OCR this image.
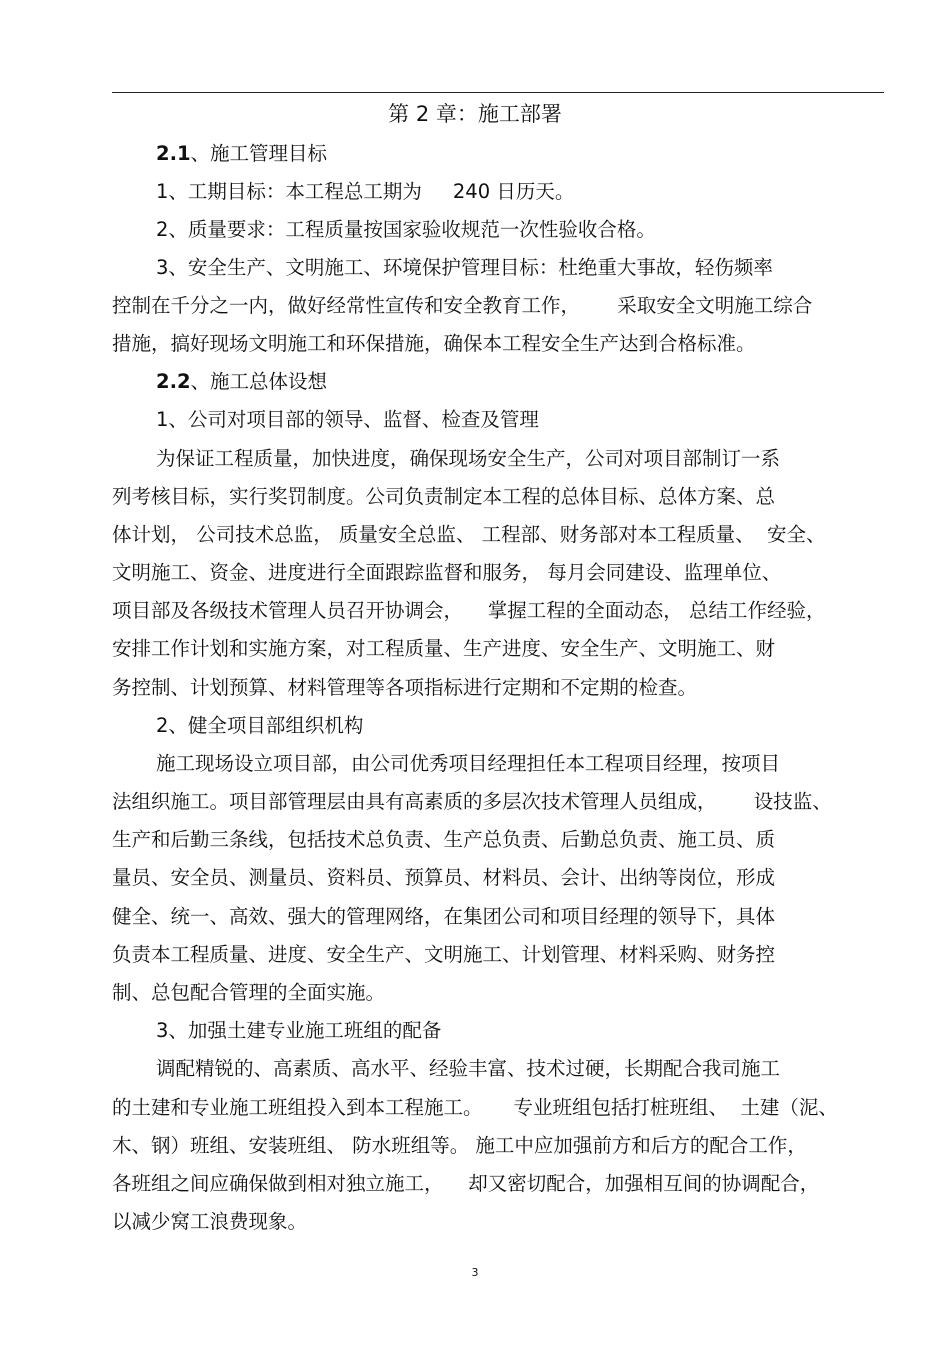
第 2 章：施工部署
2.1、施工管理目标
1、工期目标：本工程总工期为     240 日历天。
2、质量要求：工程质量按国家验收规范一次性验收合格。
3、安全生产、文明施工、环境保护管理目标：杜绝重大事故，轻伤频率
控制在千分之一内，做好经常性宣传和安全教育工作，      采取安全文明施工综合
措施，搞好现场文明施工和环保措施，确保本工程安全生产达到合格标准。
2.2、施工总体设想
1、公司对项目部的领导、监督、检查及管理
为保证工程质量，加快进度，确保现场安全生产，公司对项目部制订一系
列考核目标，实行奖罚制度。公司负责制定本工程的总体目标、总体方案、总
体计划， 公司技术总监， 质量安全总监、 工程部、财务部对本工程质量、  安全、
文明施工、资金、进度进行全面跟踪监督和服务， 每月会同建设、监理单位、
项目部及各级技术管理人员召开协调会，    掌握工程的全面动态， 总结工作经验，
安排工作计划和实施方案，对工程质量、生产进度、安全生产、文明施工、财
务控制、计划预算、材料管理等各项指标进行定期和不定期的检查。
2、健全项目部组织机构
施工现场设立项目部，由公司优秀项目经理担任本工程项目经理，按项目
法组织施工。项目部管理层由具有高素质的多层次技术管理人员组成，      设技监、
生产和后勤三条线，包括技术总负责、生产总负责、后勤总负责、施工员、质
量员、安全员、测量员、资料员、预算员、材料员、会计、出纳等岗位，形成
健全、统一、高效、强大的管理网络，在集团公司和项目经理的领导下，具体
负责本工程质量、进度、安全生产、文明施工、计划管理、材料采购、财务控
制、总包配合管理的全面实施。
3、加强土建专业施工班组的配备
调配精锐的、高素质、高水平、经验丰富、技术过硬，长期配合我司施工
的土建和专业施工班组投入到本工程施工。     专业班组包括打桩班组、  土建（泥、
木、钢）班组、安装班组、 防水班组等。 施工中应加强前方和后方的配合工作，
各班组之间应确保做到相对独立施工，    却又密切配合，加强相互间的协调配合，
以减少窝工浪费现象。
3
